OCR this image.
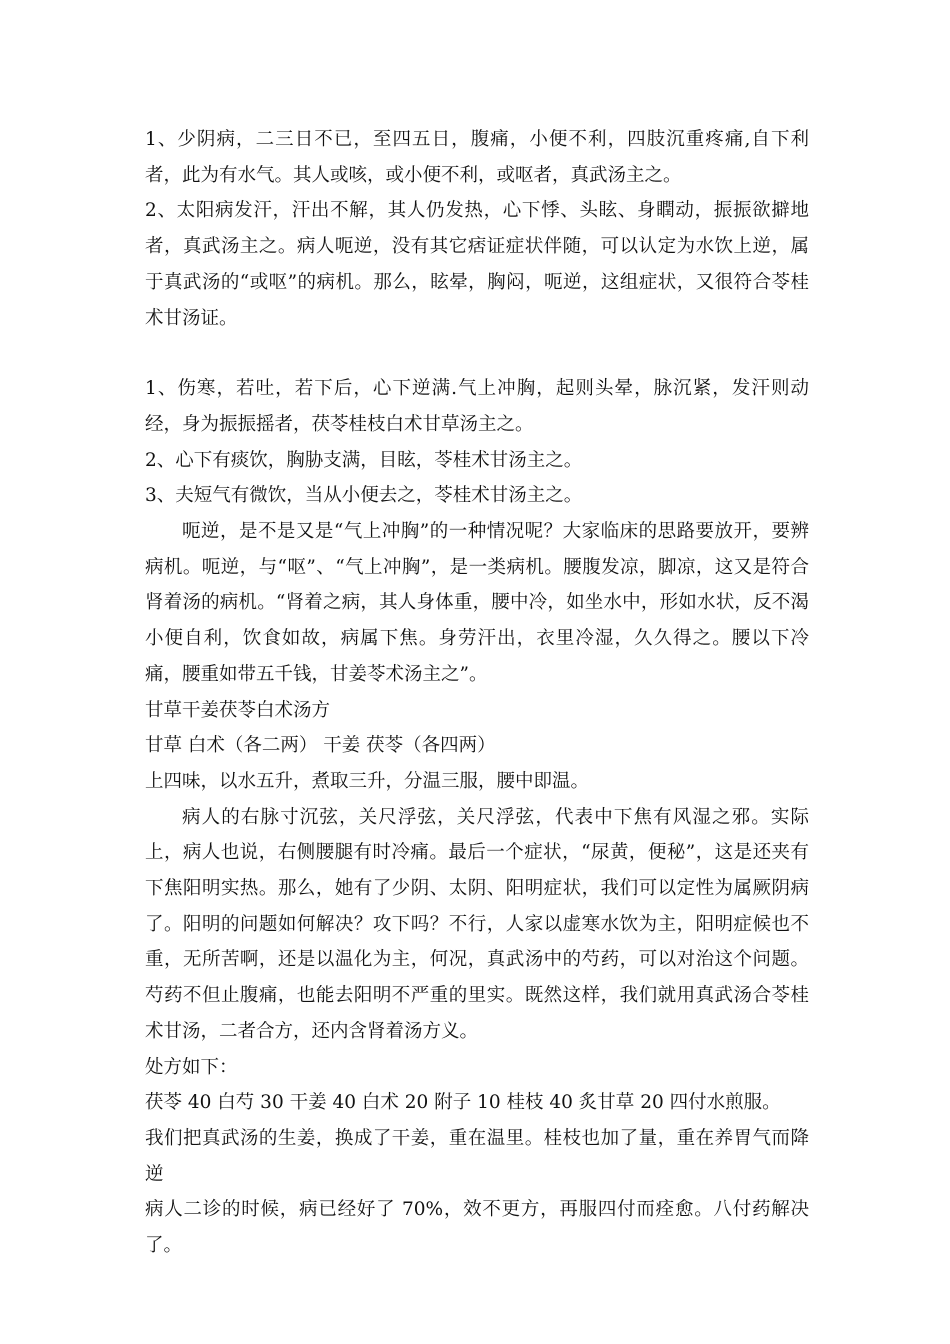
1、少阴病，二三日不已，至四五日，腹痛，小便不利，四肢沉重疼痛,自下利者，此为有水气。其人或咳，或小便不利，或呕者，真武汤主之。

2、太阳病发汗，汗出不解，其人仍发热，心下悸、头眩、身瞤动，振振欲擗地者，真武汤主之。病人呃逆，没有其它痞证症状伴随，可以认定为水饮上逆，属于真武汤的“或呕”的病机。那么，眩晕，胸闷，呃逆，这组症状，又很符合苓桂术甘汤证。

1、伤寒，若吐，若下后，心下逆满.气上冲胸，起则头晕，脉沉紧，发汗则动经，身为振振摇者，茯苓桂枝白术甘草汤主之。

2、心下有痰饮，胸胁支满，目眩，苓桂术甘汤主之。

3、夫短气有微饮，当从小便去之，苓桂术甘汤主之。

呃逆，是不是又是“气上冲胸”的一种情况呢？大家临床的思路要放开，要辨病机。呃逆，与“呕”、“气上冲胸”，是一类病机。腰腹发凉，脚凉，这又是符合肾着汤的病机。“肾着之病，其人身体重，腰中冷，如坐水中，形如水状，反不渴小便自利，饮食如故，病属下焦。身劳汗出，衣里冷湿，久久得之。腰以下冷痛，腰重如带五千钱，甘姜苓术汤主之”。

甘草干姜茯苓白术汤方

甘草 白术（各二两） 干姜 茯苓（各四两）

上四味，以水五升，煮取三升，分温三服，腰中即温。

病人的右脉寸沉弦，关尺浮弦，关尺浮弦，代表中下焦有风湿之邪。实际上，病人也说，右侧腰腿有时冷痛。最后一个症状，“尿黄，便秘”，这是还夹有下焦阳明实热。那么，她有了少阴、太阴、阳明症状，我们可以定性为属厥阴病了。阳明的问题如何解决？攻下吗？不行，人家以虚寒水饮为主，阳明症候也不重，无所苦啊，还是以温化为主，何况，真武汤中的芍药，可以对治这个问题。芍药不但止腹痛，也能去阳明不严重的里实。既然这样，我们就用真武汤合苓桂术甘汤，二者合方，还内含肾着汤方义。

处方如下：

茯苓 40 白芍 30 干姜 40 白术 20 附子 10 桂枝 40 炙甘草 20 四付水煎服。

我们把真武汤的生姜，换成了干姜，重在温里。桂枝也加了量，重在养胃气而降逆

病人二诊的时候，病已经好了 70%，效不更方，再服四付而痊愈。八付药解决了。
